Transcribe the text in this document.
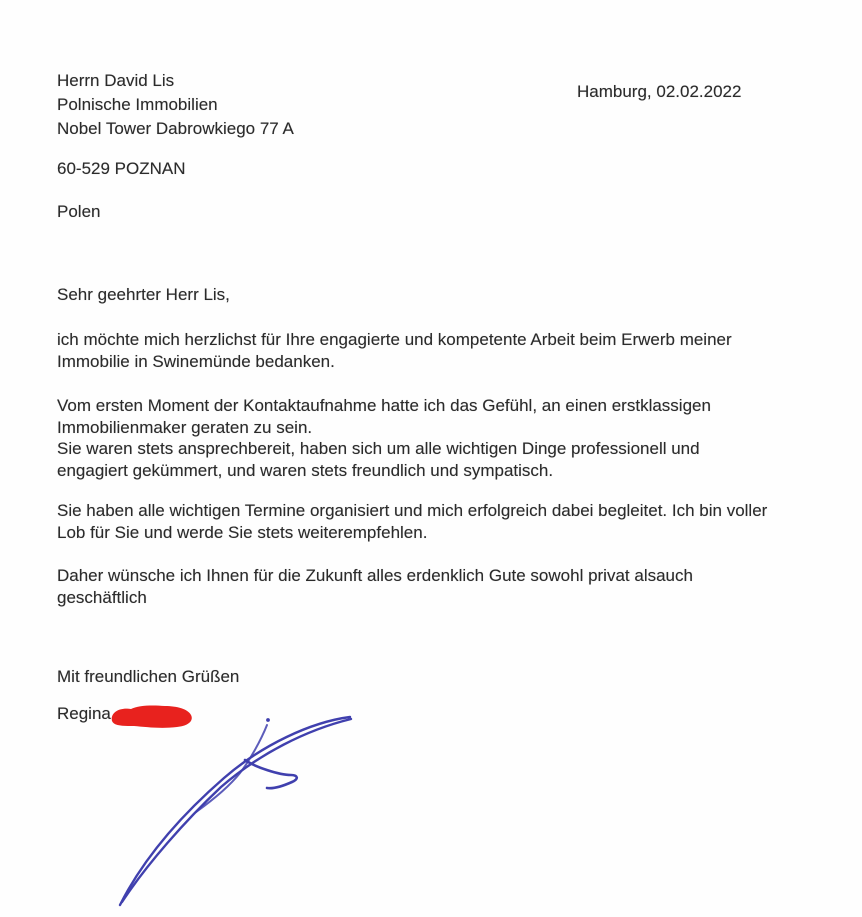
Herrn David Lis
Polnische Immobilien
Nobel Tower Dabrowkiego 77 A
Hamburg, 02.02.2022
60-529 POZNAN
Polen
Sehr geehrter Herr Lis,
ich möchte mich herzlichst für Ihre engagierte und kompetente Arbeit beim Erwerb meiner
Immobilie in Swinemünde bedanken.
Vom ersten Moment der Kontaktaufnahme hatte ich das Gefühl, an einen erstklassigen
Immobilienmaker geraten zu sein.
Sie waren stets ansprechbereit, haben sich um alle wichtigen Dinge professionell und
engagiert gekümmert, und waren stets freundlich und sympatisch.
Sie haben alle wichtigen Termine organisiert und mich erfolgreich dabei begleitet. Ich bin voller
Lob für Sie und werde Sie stets weiterempfehlen.
Daher wünsche ich Ihnen für die Zukunft alles erdenklich Gute sowohl privat alsauch
geschäftlich
Mit freundlichen Grüßen
Regina
